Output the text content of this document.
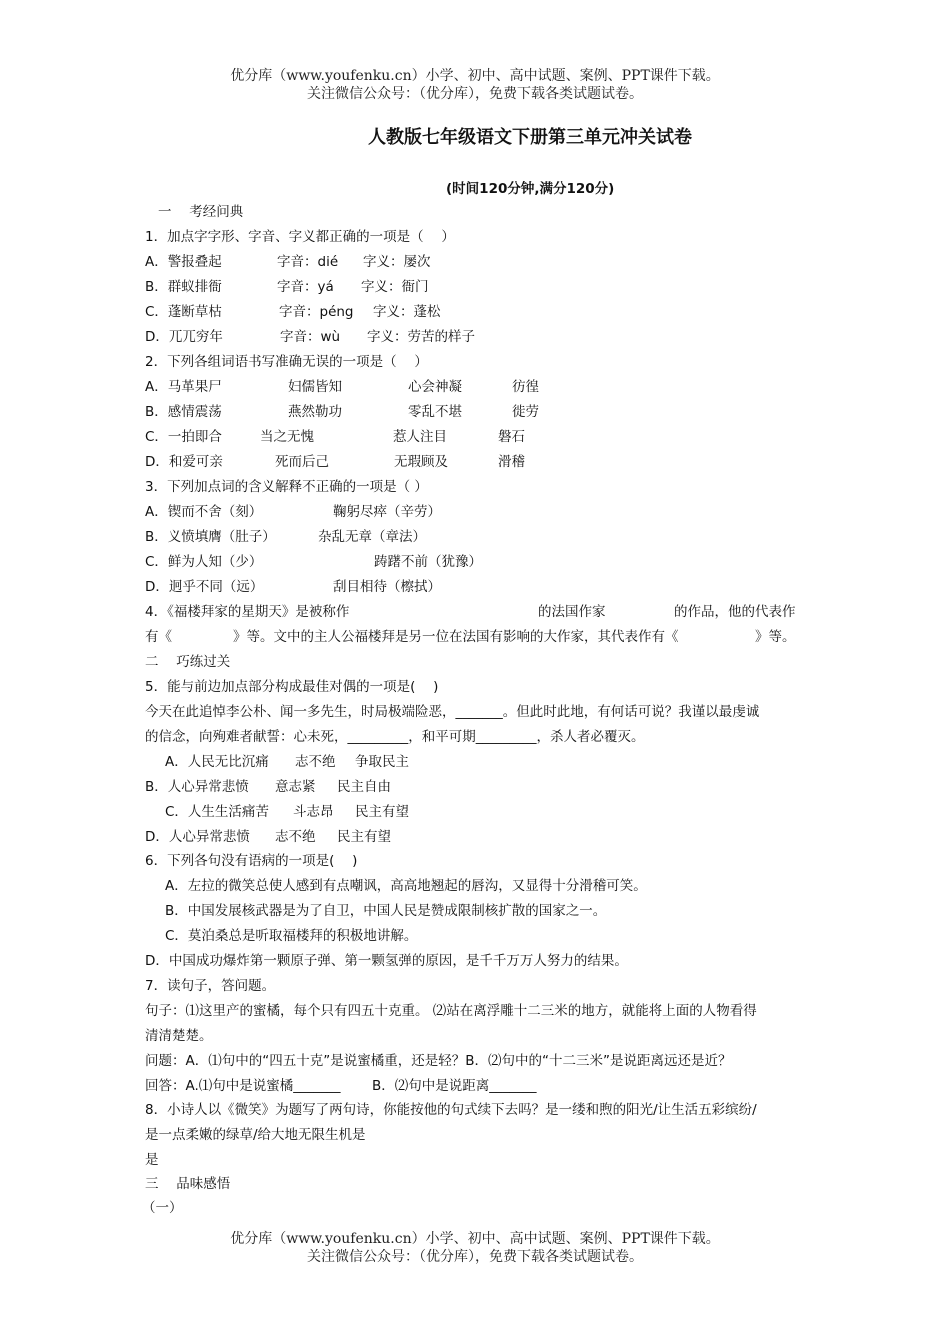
优分库（www.youfenku.cn）小学、初中、高中试题、案例、PPT课件下载。
关注微信公众号：（优分库），免费下载各类试题试卷。
人教版七年级语文下册第三单元冲关试卷
(时间120分钟,满分120分)
一　 考经问典
1．加点字字形、字音、字义都正确的一项是（　 ）
A．警报叠起	字音：dié 字义：屡次
B．群蚁排衙	字音：yá 字义：衙门
C．蓬断草枯	字音：péng 字义：蓬松
D．兀兀穷年	字音：wù 字义：劳苦的样子
2．下列各组词语书写准确无误的一项是（　 ）
A．马革果尸	妇儒皆知	心会神凝	彷徨
B．感情震荡	燕然勒功	零乱不堪	徙劳
C．一拍即合	当之无愧	惹人注目	磐石
D．和爱可亲	死而后己	无瑕顾及	滑稽
3．下列加点词的含义解释不正确的一项是（ ）
A．锲而不舍（刻）	鞠躬尽瘁（辛劳）
B．义愤填膺（肚子）	杂乱无章（章法）
C．鲜为人知（少）	踌躇不前（犹豫）
D．迥乎不同（远）	刮目相待（檫拭）
4．《福楼拜家的星期天》是被称作	的法国作家	的作品，他的代表作
有《	》等。文中的主人公福楼拜是另一位在法国有影响的大作家，其代表作有《	》等。
二　 巧练过关
5．能与前边加点部分构成最佳对偶的一项是(　 )
今天在此追悼李公朴、闻一多先生，时局极端险恶，_______。但此时此地，有何话可说？我谨以最虔诚
的信念，向殉难者献誓：心未死，_________，和平可期_________，杀人者必覆灭。
A．人民无比沉痛 志不绝 争取民主
B．人心异常悲愤 意志紧 民主自由
C．人生生活痛苦 斗志昂 民主有望
D．人心异常悲愤 志不绝 民主有望
6．下列各句没有语病的一项是(　 )
A．左拉的微笑总使人感到有点嘲讽，高高地翘起的唇沟，又显得十分滑稽可笑。
B．中国发展核武器是为了自卫，中国人民是赞成限制核扩散的国家之一。
C．莫泊桑总是听取福楼拜的积极地讲解。
D．中国成功爆炸第一颗原子弹、第一颗氢弹的原因，是千千万万人努力的结果。
7．读句子，答问题。
句子：⑴这里产的蜜橘，每个只有四五十克重。 ⑵站在离浮雕十二三米的地方，就能将上面的人物看得
清清楚楚。
问题：A．⑴句中的“四五十克”是说蜜橘重，还是轻？B．⑵句中的“十二三米”是说距离远还是近？
回答：A.⑴句中是说蜜橘_______ B．⑵句中是说距离_______
8．小诗人以《微笑》为题写了两句诗，你能按他的句式续下去吗？是一缕和煦的阳光/让生活五彩缤纷/
是一点柔嫩的绿草/给大地无限生机是
是
三　 品味感悟
（一）
优分库（www.youfenku.cn）小学、初中、高中试题、案例、PPT课件下载。
关注微信公众号：（优分库），免费下载各类试题试卷。
